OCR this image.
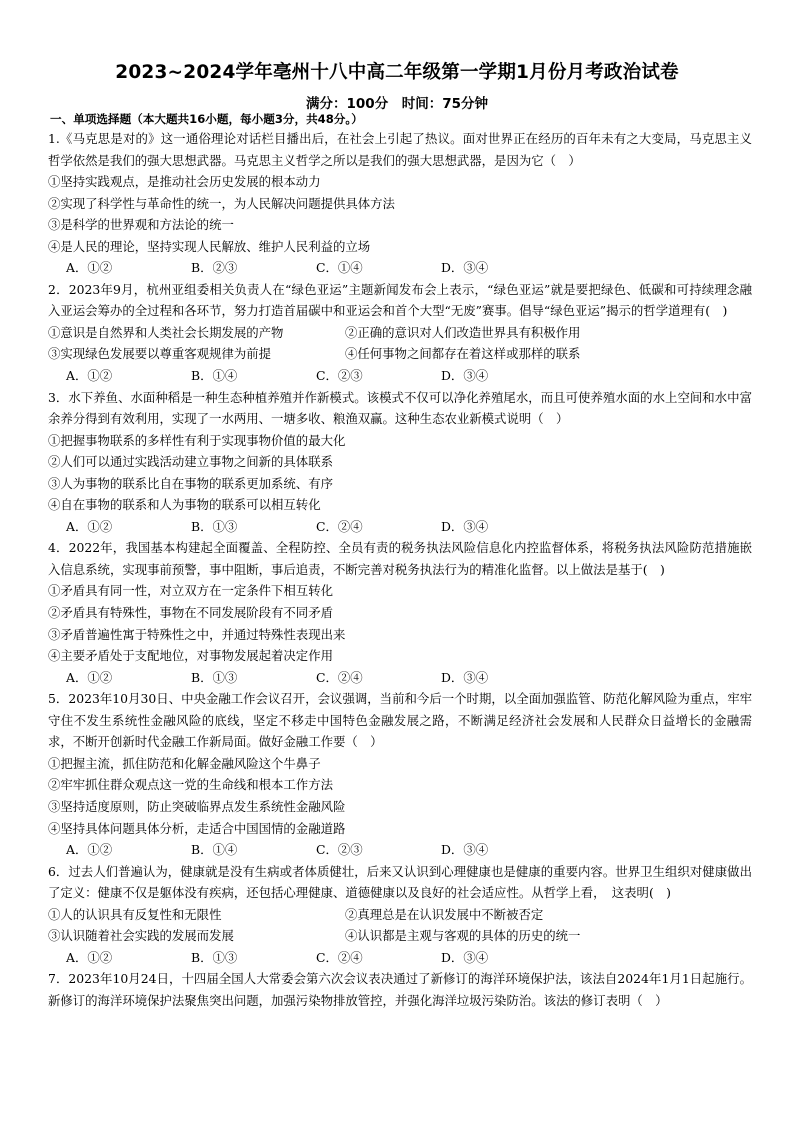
2023~2024学年亳州十八中高二年级第一学期1月份月考政治试卷
满分：100分　时间：75分钟
一、单项选择题（本大题共16小题，每小题3分，共48分。）
1.《马克思是对的》这一通俗理论对话栏目播出后，在社会上引起了热议。面对世界正在经历的百年未有之大变局，马克思主义哲学依然是我们的强大思想武器。马克思主义哲学之所以是我们的强大思想武器，是因为它（　）
①坚持实践观点，是推动社会历史发展的根本动力
②实现了科学性与革命性的统一，为人民解决问题提供具体方法
③是科学的世界观和方法论的统一
④是人民的理论，坚持实现人民解放、维护人民利益的立场
A．①②	B．②③	C．①④	D．③④
2．2023年9月，杭州亚组委相关负责人在“绿色亚运”主题新闻发布会上表示，“绿色亚运”就是要把绿色、低碳和可持续理念融入亚运会筹办的全过程和各环节，努力打造首届碳中和亚运会和首个大型“无废”赛事。倡导“绿色亚运”揭示的哲学道理有(　)
①意识是自然界和人类社会长期发展的产物	②正确的意识对人们改造世界具有积极作用
③实现绿色发展要以尊重客观规律为前提	④任何事物之间都存在着这样或那样的联系
A．①②	B．①④	C．②③	D．③④
3．水下养鱼、水面种稻是一种生态种植养殖并作新模式。该模式不仅可以净化养殖尾水，而且可使养殖水面的水上空间和水中富余养分得到有效利用，实现了一水两用、一塘多收、粮渔双赢。这种生态农业新模式说明（　）
①把握事物联系的多样性有利于实现事物价值的最大化
②人们可以通过实践活动建立事物之间新的具体联系
③人为事物的联系比自在事物的联系更加系统、有序
④自在事物的联系和人为事物的联系可以相互转化
A．①②	B．①③	C．②④	D．③④
4．2022年，我国基本构建起全面覆盖、全程防控、全员有责的税务执法风险信息化内控监督体系，将税务执法风险防范措施嵌入信息系统，实现事前预警，事中阻断，事后追责，不断完善对税务执法行为的精准化监督。以上做法是基于(　)
①矛盾具有同一性，对立双方在一定条件下相互转化
②矛盾具有特殊性，事物在不同发展阶段有不同矛盾
③矛盾普遍性寓于特殊性之中，并通过特殊性表现出来
④主要矛盾处于支配地位，对事物发展起着决定作用
A．①②	B．①③	C．②④	D．③④
5．2023年10月30日、中央金融工作会议召开，会议强调，当前和今后一个时期，以全面加强监管、防范化解风险为重点，牢牢守住不发生系统性金融风险的底线，坚定不移走中国特色金融发展之路，不断满足经济社会发展和人民群众日益增长的金融需求，不断开创新时代金融工作新局面。做好金融工作要（　）
①把握主流，抓住防范和化解金融风险这个牛鼻子
②牢牢抓住群众观点这一党的生命线和根本工作方法
③坚持适度原则，防止突破临界点发生系统性金融风险
④坚持具体问题具体分析，走适合中国国情的金融道路
A．①②	B．①④	C．②③	D．③④
6．过去人们普遍认为，健康就是没有生病或者体质健壮，后来又认识到心理健康也是健康的重要内容。世界卫生组织对健康做出了定义：健康不仅是躯体没有疾病，还包括心理健康、道德健康以及良好的社会适应性。从哲学上看，　这表明(　)
①人的认识具有反复性和无限性	②真理总是在认识发展中不断被否定
③认识随着社会实践的发展而发展	④认识都是主观与客观的具体的历史的统一
A．①②	B．①③	C．②④	D．③④
7．2023年10月24日，十四届全国人大常委会第六次会议表决通过了新修订的海洋环境保护法，该法自2024年1月1日起施行。新修订的海洋环境保护法聚焦突出问题，加强污染物排放管控，并强化海洋垃圾污染防治。该法的修订表明（　）
